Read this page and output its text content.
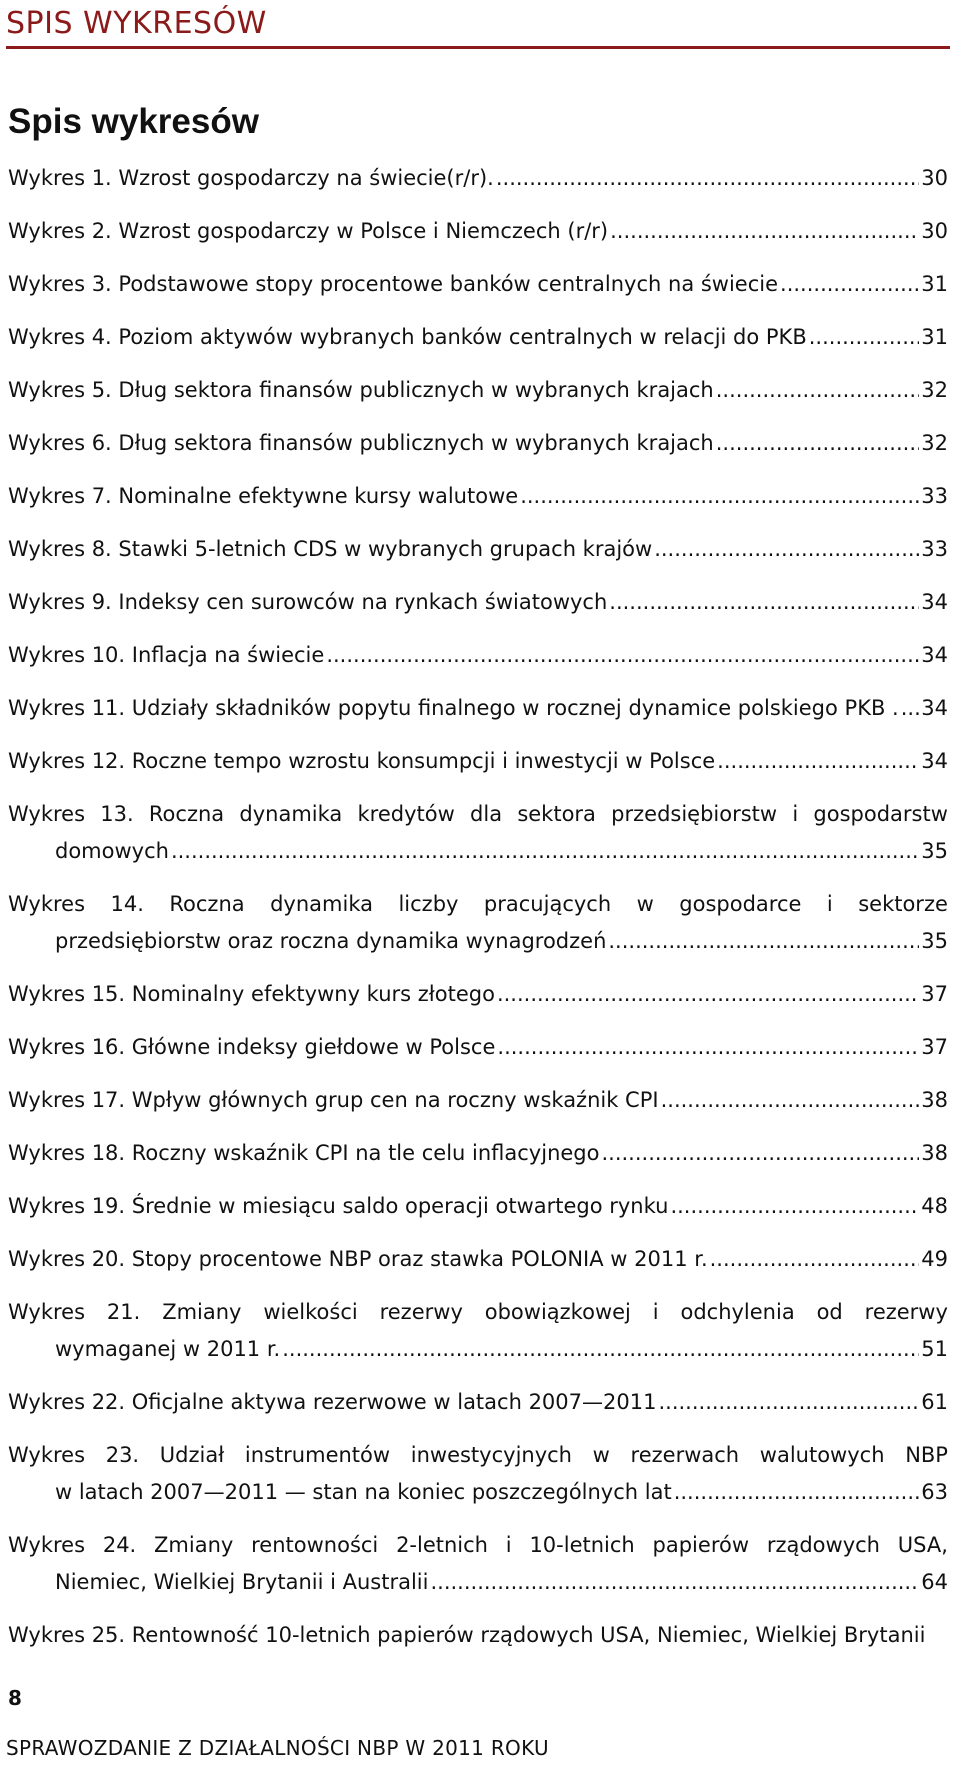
SPIS WYKRESÓW
Spis wykresów
Wykres 1. Wzrost gospodarczy na świecie(r/r). .....	30
Wykres 2. Wzrost gospodarczy w Polsce i Niemczech (r/r) .....	30
Wykres 3. Podstawowe stopy procentowe banków centralnych na świecie .....	31
Wykres 4. Poziom aktywów wybranych banków centralnych w relacji do PKB .....	31
Wykres 5. Dług sektora finansów publicznych w wybranych krajach .....	32
Wykres 6. Dług sektora finansów publicznych w wybranych krajach .....	32
Wykres 7. Nominalne efektywne kursy walutowe .....	33
Wykres 8. Stawki 5-letnich CDS w wybranych grupach krajów .....	33
Wykres 9. Indeksy cen surowców na rynkach światowych .....	34
Wykres 10. Inflacja na świecie .....	34
Wykres 11. Udziały składników popytu finalnego w rocznej dynamice polskiego PKB . ..... 34
Wykres 12. Roczne tempo wzrostu konsumpcji i inwestycji w Polsce .....	34
Wykres 13. Roczna dynamika kredytów dla sektora przedsiębiorstw i gospodarstw
domowych .....	35
Wykres 14. Roczna dynamika liczby pracujących w gospodarce i sektorze
przedsiębiorstw oraz roczna dynamika wynagrodzeń .....	35
Wykres 15. Nominalny efektywny kurs złotego .....	37
Wykres 16. Główne indeksy giełdowe w Polsce .....	37
Wykres 17. Wpływ głównych grup cen na roczny wskaźnik CPI .....	38
Wykres 18. Roczny wskaźnik CPI na tle celu inflacyjnego .....	38
Wykres 19. Średnie w miesiącu saldo operacji otwartego rynku .....	48
Wykres 20. Stopy procentowe NBP oraz stawka POLONIA w 2011 r. .....	49
Wykres 21. Zmiany wielkości rezerwy obowiązkowej i odchylenia od rezerwy
wymaganej w 2011 r. .....	51
Wykres 22. Oficjalne aktywa rezerwowe w latach 2007—2011 .....	61
Wykres 23. Udział instrumentów inwestycyjnych w rezerwach walutowych NBP
w latach 2007—2011 — stan na koniec poszczególnych lat .....	63
Wykres 24. Zmiany rentowności 2-letnich i 10-letnich papierów rządowych USA,
Niemiec, Wielkiej Brytanii i Australii .....	64
Wykres 25. Rentowność 10-letnich papierów rządowych USA, Niemiec, Wielkiej Brytanii
8
SPRAWOZDANIE Z DZIAŁALNOŚCI NBP W 2011 ROKU
